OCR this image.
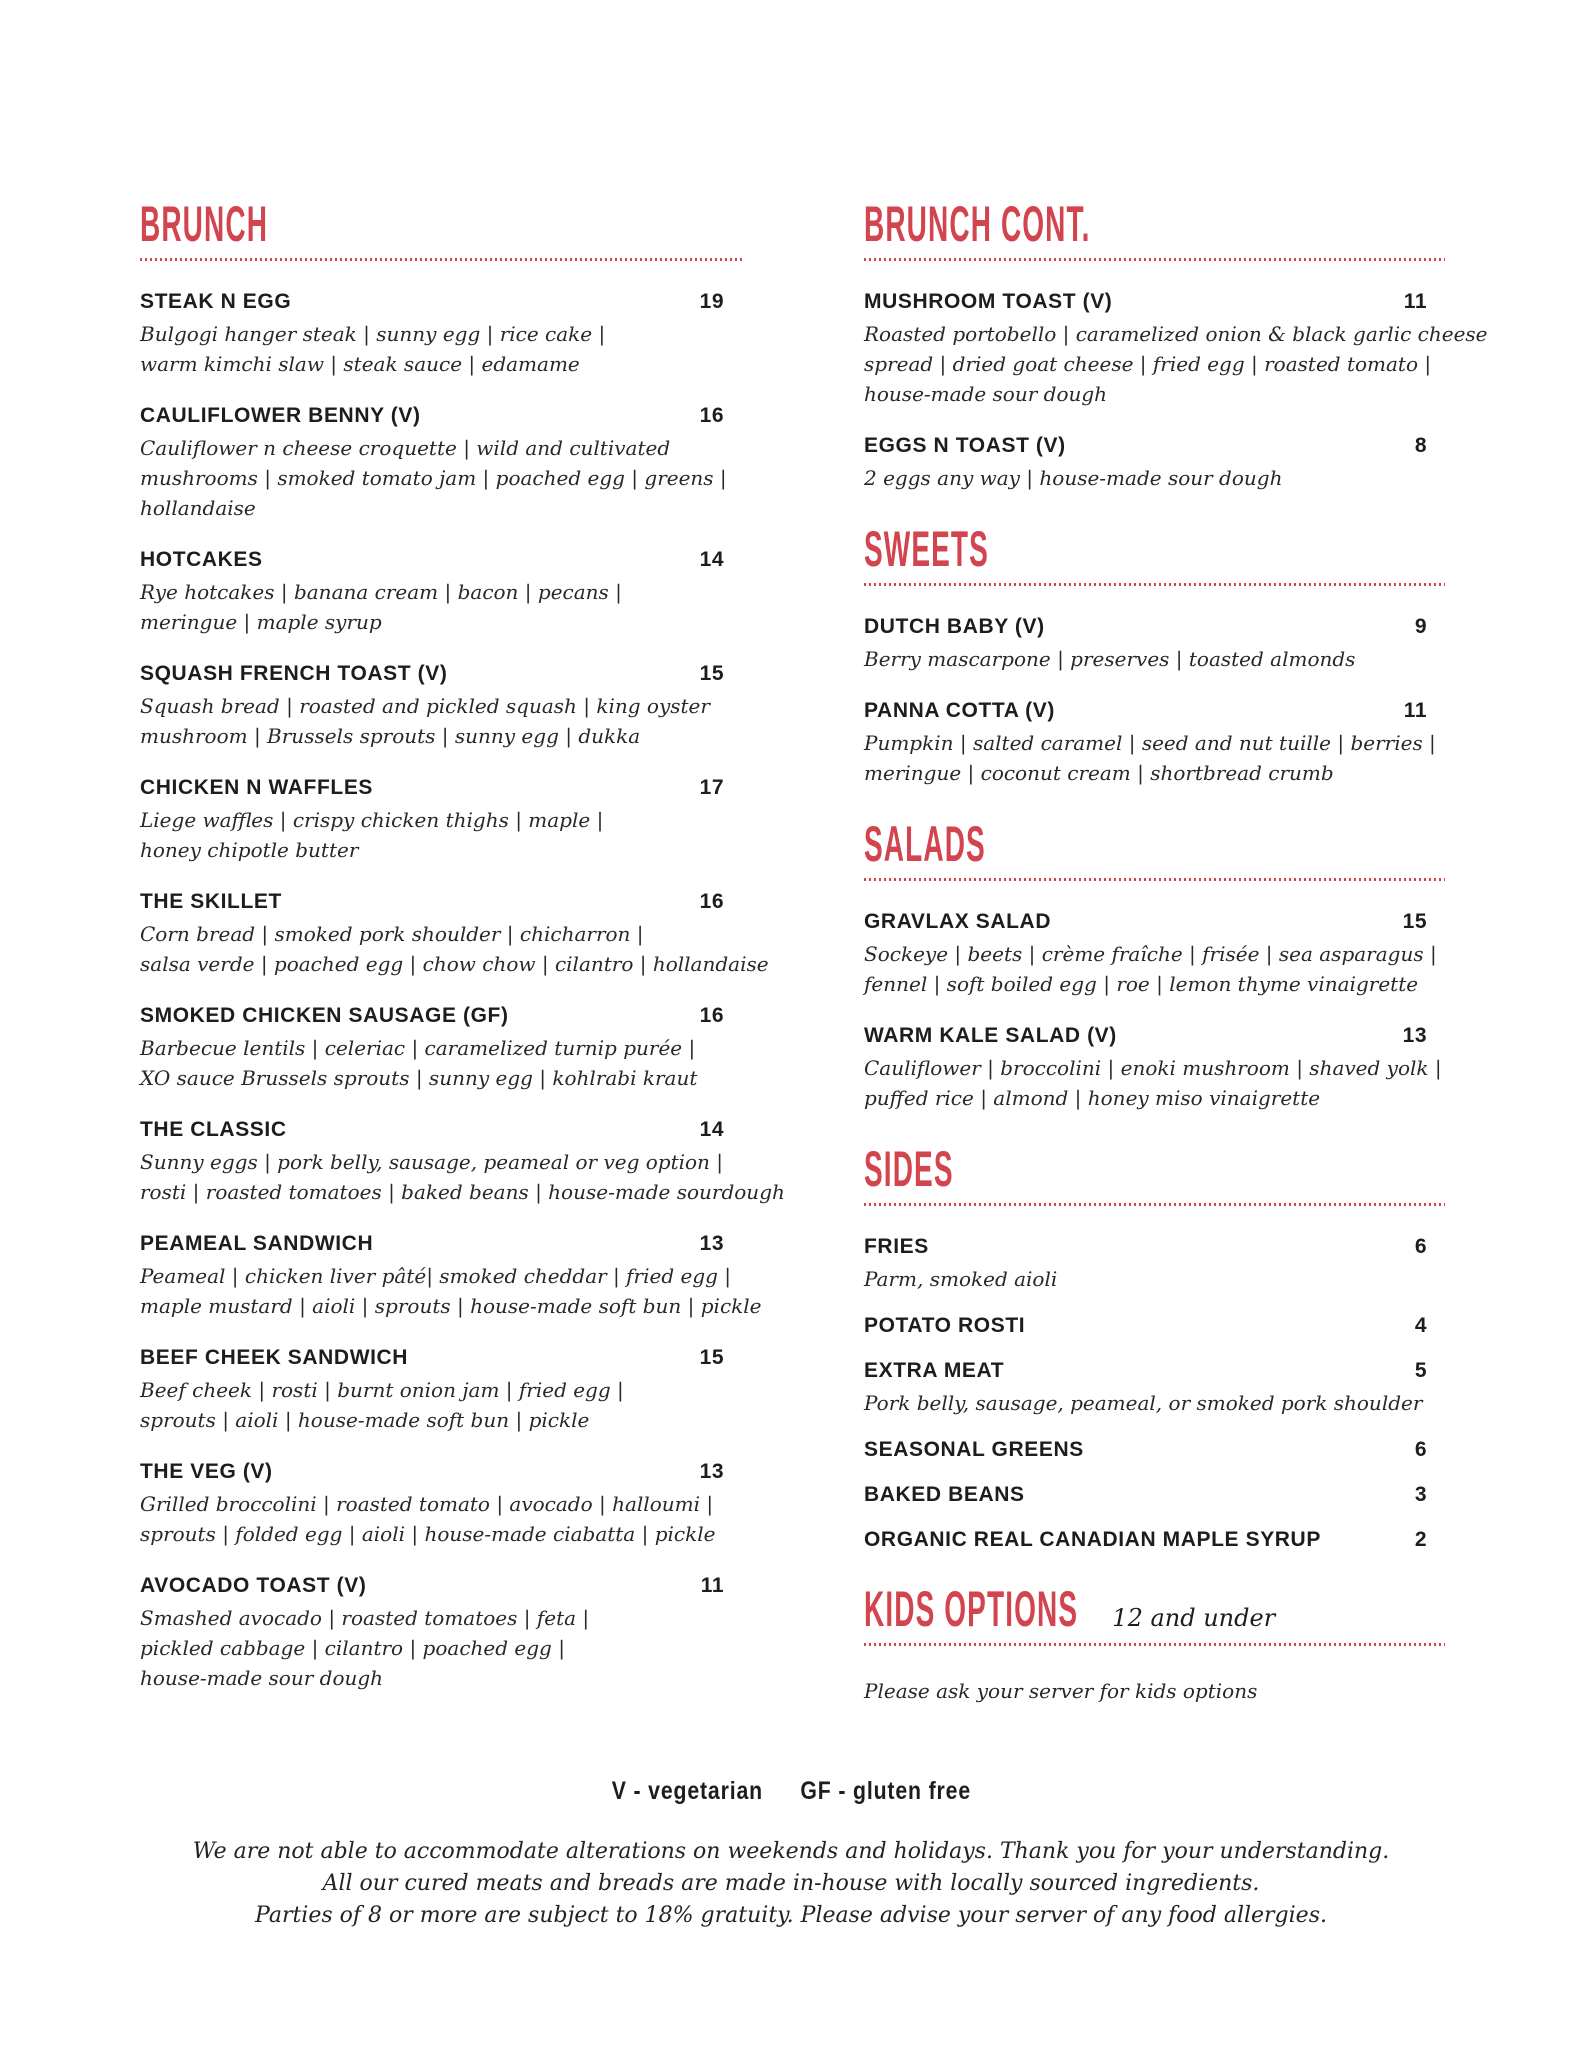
BRUNCH
STEAK N EGG	19
Bulgogi hanger steak | sunny egg | rice cake |
warm kimchi slaw | steak sauce | edamame
CAULIFLOWER BENNY (V)	16
Cauliflower n cheese croquette | wild and cultivated
mushrooms | smoked tomato jam | poached egg | greens |
hollandaise
HOTCAKES	14
Rye hotcakes | banana cream | bacon | pecans |
meringue | maple syrup
SQUASH FRENCH TOAST (V)	15
Squash bread | roasted and pickled squash | king oyster
mushroom | Brussels sprouts | sunny egg | dukka
CHICKEN N WAFFLES	17
Liege waffles | crispy chicken thighs | maple |
honey chipotle butter
THE SKILLET	16
Corn bread | smoked pork shoulder | chicharron |
salsa verde | poached egg | chow chow | cilantro | hollandaise
SMOKED CHICKEN SAUSAGE (GF)	16
Barbecue lentils | celeriac | caramelized turnip purée |
XO sauce Brussels sprouts | sunny egg | kohlrabi kraut
THE CLASSIC	14
Sunny eggs | pork belly, sausage, peameal or veg option |
rosti | roasted tomatoes | baked beans | house-made sourdough
PEAMEAL SANDWICH	13
Peameal | chicken liver pâté| smoked cheddar | fried egg |
maple mustard | aioli | sprouts | house-made soft bun | pickle
BEEF CHEEK SANDWICH	15
Beef cheek | rosti | burnt onion jam | fried egg |
sprouts | aioli | house-made soft bun | pickle
THE VEG (V)	13
Grilled broccolini | roasted tomato | avocado | halloumi |
sprouts | folded egg | aioli | house-made ciabatta | pickle
AVOCADO TOAST (V)	11
Smashed avocado | roasted tomatoes | feta |
pickled cabbage | cilantro | poached egg |
house-made sour dough
BRUNCH CONT.
MUSHROOM TOAST (V)	11
Roasted portobello | caramelized onion & black garlic cheese
spread | dried goat cheese | fried egg | roasted tomato |
house-made sour dough
EGGS N TOAST (V)	8
2 eggs any way | house-made sour dough
SWEETS
DUTCH BABY (V)	9
Berry mascarpone | preserves | toasted almonds
PANNA COTTA (V)	11
Pumpkin | salted caramel | seed and nut tuille | berries |
meringue | coconut cream | shortbread crumb
SALADS
GRAVLAX SALAD	15
Sockeye | beets | crème fraîche | frisée | sea asparagus |
fennel | soft boiled egg | roe | lemon thyme vinaigrette
WARM KALE SALAD (V)	13
Cauliflower | broccolini | enoki mushroom | shaved yolk |
puffed rice | almond | honey miso vinaigrette
SIDES
FRIES	6
Parm, smoked aioli
POTATO ROSTI	4
EXTRA MEAT	5
Pork belly, sausage, peameal, or smoked pork shoulder
SEASONAL GREENS	6
BAKED BEANS	3
ORGANIC REAL CANADIAN MAPLE SYRUP	2
KIDS OPTIONS 12 and under
Please ask your server for kids options
V - vegetarian GF - gluten free
We are not able to accommodate alterations on weekends and holidays. Thank you for your understanding.
All our cured meats and breads are made in-house with locally sourced ingredients.
Parties of 8 or more are subject to 18% gratuity. Please advise your server of any food allergies.
